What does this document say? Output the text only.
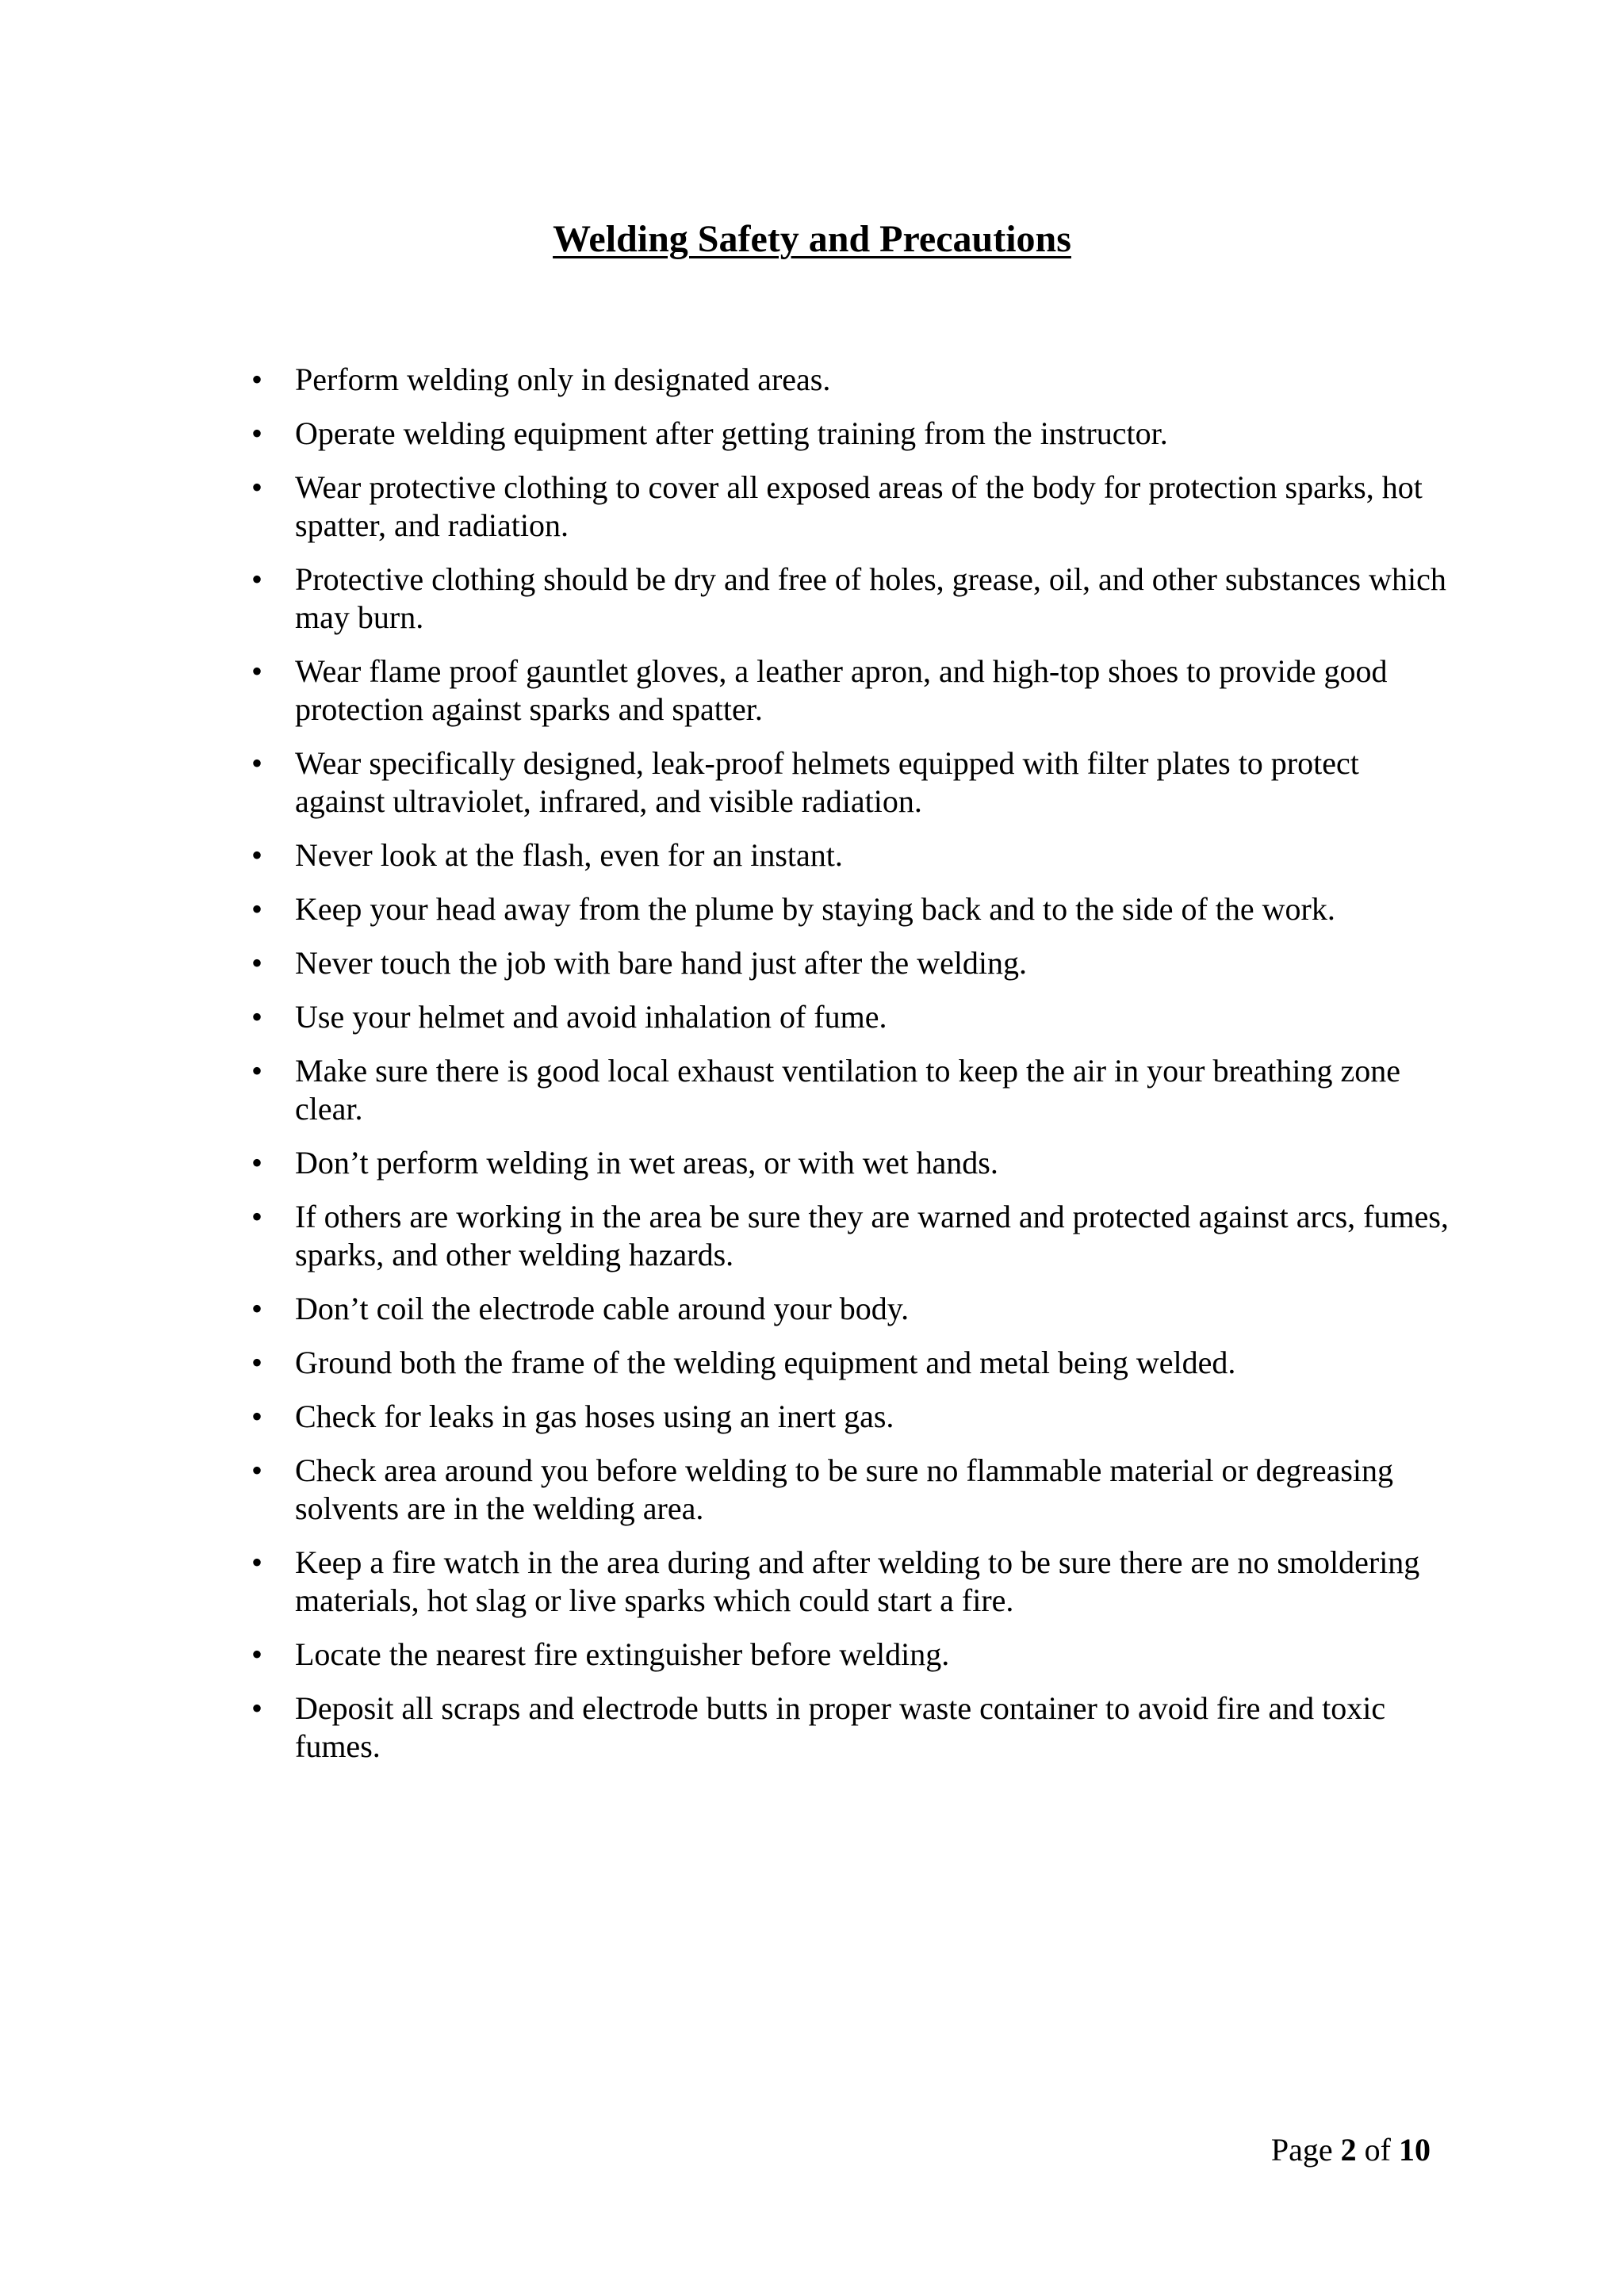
Welding Safety and Precautions
• Perform welding only in designated areas.
• Operate welding equipment after getting training from the instructor.
• Wear protective clothing to cover all exposed areas of the body for protection sparks, hot spatter, and radiation.
• Protective clothing should be dry and free of holes, grease, oil, and other substances which may burn.
• Wear flame proof gauntlet gloves, a leather apron, and high-top shoes to provide good protection against sparks and spatter.
• Wear specifically designed, leak-proof helmets equipped with filter plates to protect against ultraviolet, infrared, and visible radiation.
• Never look at the flash, even for an instant.
• Keep your head away from the plume by staying back and to the side of the work.
• Never touch the job with bare hand just after the welding.
• Use your helmet and avoid inhalation of fume.
• Make sure there is good local exhaust ventilation to keep the air in your breathing zone clear.
• Don’t perform welding in wet areas, or with wet hands.
• If others are working in the area be sure they are warned and protected against arcs, fumes, sparks, and other welding hazards.
• Don’t coil the electrode cable around your body.
• Ground both the frame of the welding equipment and metal being welded.
• Check for leaks in gas hoses using an inert gas.
• Check area around you before welding to be sure no flammable material or degreasing solvents are in the welding area.
• Keep a fire watch in the area during and after welding to be sure there are no smoldering materials, hot slag or live sparks which could start a fire.
• Locate the nearest fire extinguisher before welding.
• Deposit all scraps and electrode butts in proper waste container to avoid fire and toxic fumes.
Page 2 of 10
